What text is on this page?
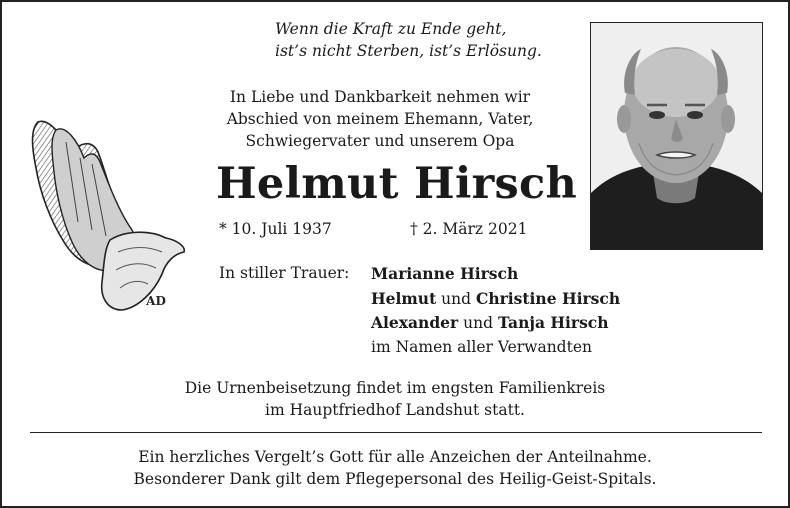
Wenn die Kraft zu Ende geht,
ist’s nicht Sterben, ist’s Erlösung.
In Liebe und Dankbarkeit nehmen wir
Abschied von meinem Ehemann, Vater,
Schwiegervater und unserem Opa
Helmut Hirsch
* 10. Juli 1937	† 2. März 2021
In stiller Trauer: Marianne Hirsch
Helmut und Christine Hirsch
Alexander und Tanja Hirsch
im Namen aller Verwandten
Die Urnenbeisetzung findet im engsten Familienkreis
im Hauptfriedhof Landshut statt.
Ein herzliches Vergelt’s Gott für alle Anzeichen der Anteilnahme.
Besonderer Dank gilt dem Pflegepersonal des Heilig-Geist-Spitals.
AD
